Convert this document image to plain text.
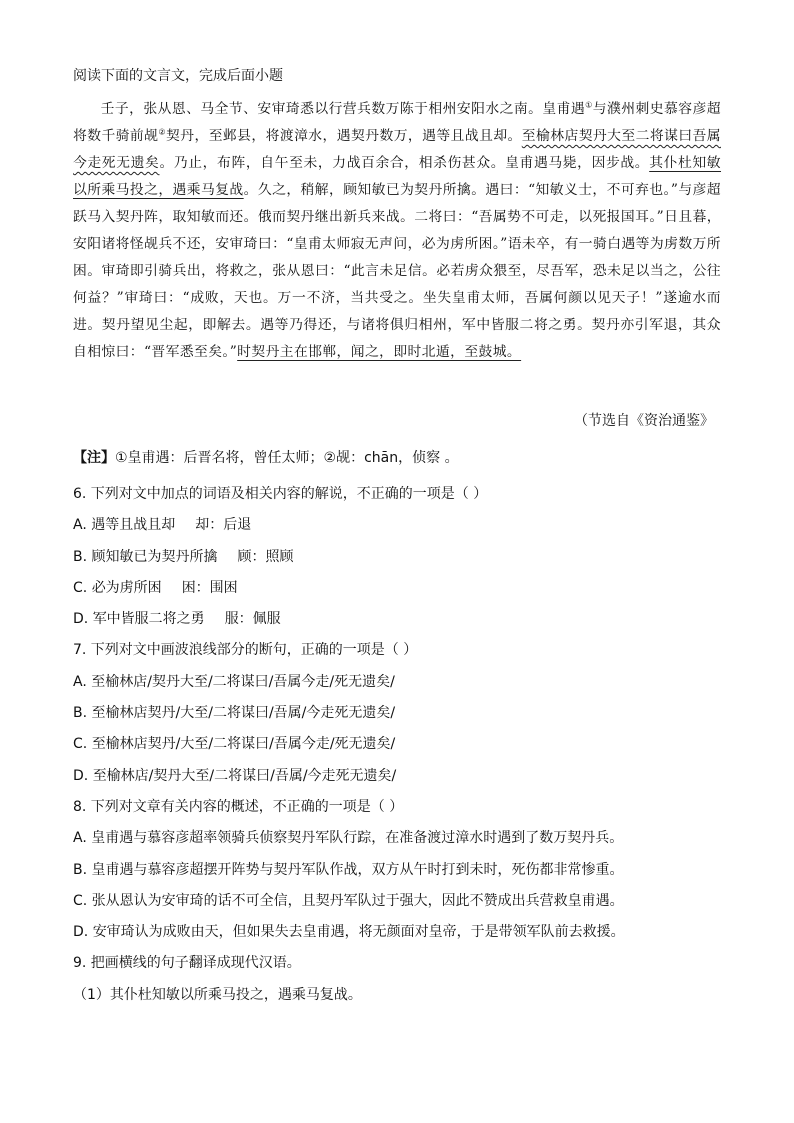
阅读下面的文言文，完成后面小题

壬子，张从恩、马全节、安审琦悉以行营兵数万陈于相州安阳水之南。皇甫遇①与濮州刺史慕容彦超将数千骑前觇②契丹，至邺县，将渡漳水，遇契丹数万，遇等且战且却。至榆林店契丹大至二将谋曰吾属今走死无遗矣。乃止，布阵，自午至未，力战百余合，相杀伤甚众。皇甫遇马毙，因步战。其仆杜知敏以所乘马投之，遇乘马复战。久之，稍解，顾知敏已为契丹所擒。遇曰：“知敏义士，不可弃也。”与彦超跃马入契丹阵，取知敏而还。俄而契丹继出新兵来战。二将曰：“吾属势不可走，以死报国耳。”日且暮，安阳诸将怪觇兵不还，安审琦曰：“皇甫太师寂无声问，必为虏所困。”语未卒，有一骑白遇等为虏数万所困。审琦即引骑兵出，将救之，张从恩曰：“此言未足信。必若虏众猥至，尽吾军，恐未足以当之，公往何益？”审琦曰：“成败，天也。万一不济，当共受之。坐失皇甫太师，吾属何颜以见天子！”遂逾水而进。契丹望见尘起，即解去。遇等乃得还，与诸将俱归相州，军中皆服二将之勇。契丹亦引军退，其众自相惊曰：“晋军悉至矣。”时契丹主在邯郸，闻之，即时北遁，至鼓城。

（节选自《资治通鉴》
【注】①皇甫遇：后晋名将，曾任太师；②觇：chān，侦察 。
6. 下列对文中加点的词语及相关内容的解说，不正确的一项是（ ）
A. 遇等且战且却 却：后退
B. 顾知敏已为契丹所擒 顾：照顾
C. 必为虏所困 困：围困
D. 军中皆服二将之勇 服：佩服
7. 下列对文中画波浪线部分的断句，正确的一项是（ ）
A. 至榆林店/契丹大至/二将谋曰/吾属今走/死无遗矣/
B. 至榆林店契丹/大至/二将谋曰/吾属/今走死无遗矣/
C. 至榆林店契丹/大至/二将谋曰/吾属今走/死无遗矣/
D. 至榆林店/契丹大至/二将谋曰/吾属/今走死无遗矣/
8. 下列对文章有关内容的概述，不正确的一项是（ ）
A. 皇甫遇与慕容彦超率领骑兵侦察契丹军队行踪，在准备渡过漳水时遇到了数万契丹兵。
B. 皇甫遇与慕容彦超摆开阵势与契丹军队作战，双方从午时打到未时，死伤都非常惨重。
C. 张从恩认为安审琦的话不可全信，且契丹军队过于强大，因此不赞成出兵营救皇甫遇。
D. 安审琦认为成败由天，但如果失去皇甫遇，将无颜面对皇帝，于是带领军队前去救援。
9. 把画横线的句子翻译成现代汉语。
（1）其仆杜知敏以所乘马投之，遇乘马复战。
